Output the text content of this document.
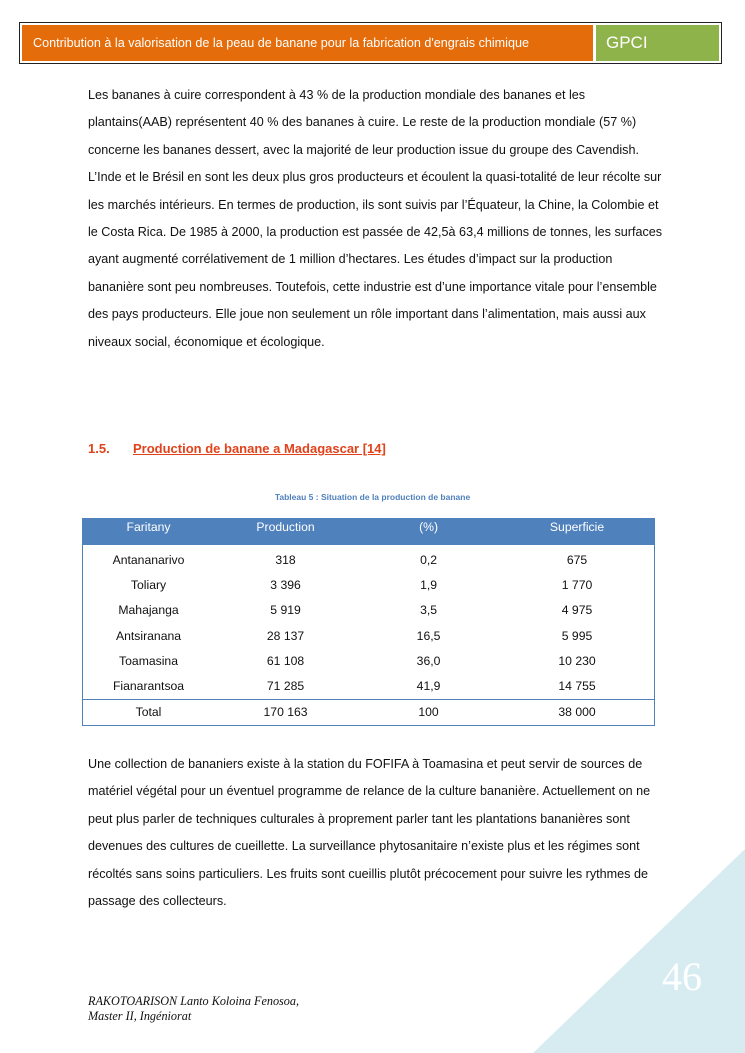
Contribution à la valorisation de la peau de banane pour la fabrication d'engrais chimique	GPCI

Les bananes à cuire correspondent à 43 % de la production mondiale des bananes et les plantains(AAB) représentent 40 % des bananes à cuire. Le reste de la production mondiale (57 %) concerne les bananes dessert, avec la majorité de leur production issue du groupe des Cavendish. L’Inde et le Brésil en sont les deux plus gros producteurs et écoulent la quasi-totalité de leur récolte sur les marchés intérieurs. En termes de production, ils sont suivis par l’Équateur, la Chine, la Colombie et le Costa Rica. De 1985 à 2000, la production est passée de 42,5à 63,4 millions de tonnes, les surfaces ayant augmenté corrélativement de 1 million d’hectares. Les études d’impact sur la production bananière sont peu nombreuses. Toutefois, cette industrie est d’une importance vitale pour l’ensemble des pays producteurs. Elle joue non seulement un rôle important dans l’alimentation, mais aussi aux niveaux social, économique et écologique.

1.5. Production de banane a Madagascar [14]
Tableau 5 : Situation de la production de banane
Faritany	Production	(%)	Superficie
Antananarivo	318	0,2	675
Toliary	3 396	1,9	1 770
Mahajanga	5 919	3,5	4 975
Antsiranana	28 137	16,5	5 995
Toamasina	61 108	36,0	10 230
Fianarantsoa	71 285	41,9	14 755
Total	170 163	100	38 000

Une collection de bananiers existe à la station du FOFIFA à Toamasina et peut servir de sources de matériel végétal pour un éventuel programme de relance de la culture bananière. Actuellement on ne peut plus parler de techniques culturales à proprement parler tant les plantations bananières sont devenues des cultures de cueillette. La surveillance phytosanitaire n’existe plus et les régimes sont récoltés sans soins particuliers. Les fruits sont cueillis plutôt précocement pour suivre les rythmes de passage des collecteurs.

46
RAKOTOARISON Lanto Koloina Fenosoa,
Master II, Ingéniorat
